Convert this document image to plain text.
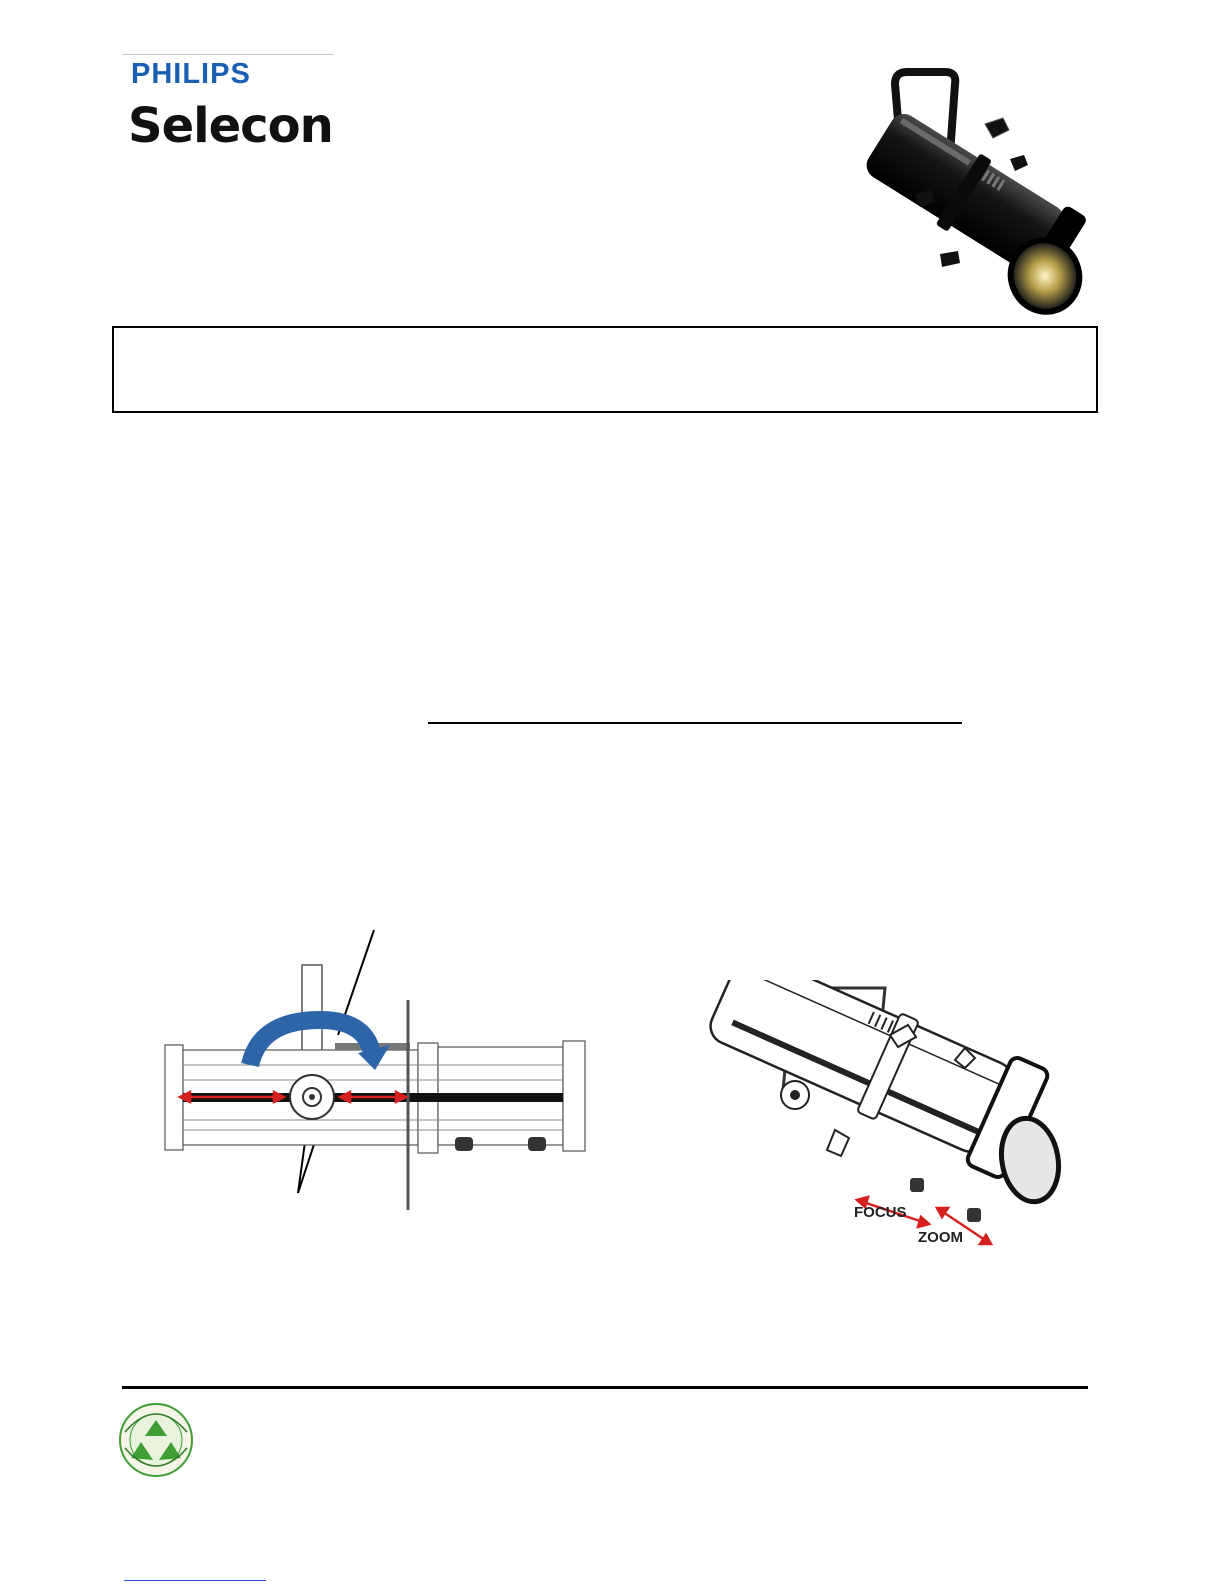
PHILIPS
Selecon
FOCUS
ZOOM
